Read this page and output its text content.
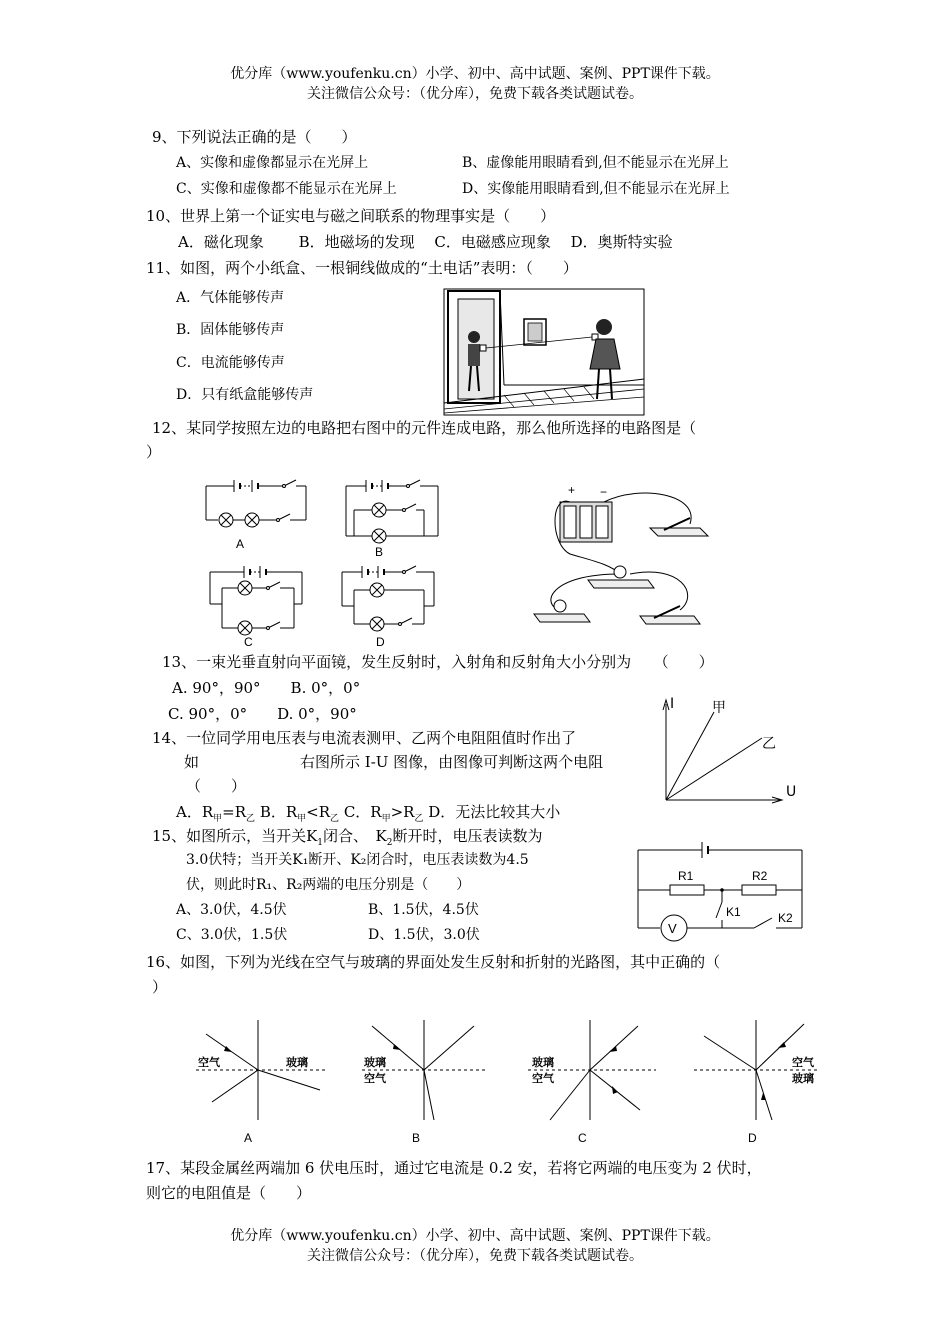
优分库（www.youfenku.cn）小学、初中、高中试题、案例、PPT课件下载。
关注微信公众号：（优分库），免费下载各类试题试卷。
9、下列说法正确的是（　　）
A、实像和虚像都显示在光屏上	B、虚像能用眼睛看到,但不能显示在光屏上
C、实像和虚像都不能显示在光屏上	D、实像能用眼睛看到,但不能显示在光屏上
10、世界上第一个证实电与磁之间联系的物理事实是（　　）
A．磁化现象　　 B．地磁场的发现　 C．电磁感应现象　 D．奥斯特实验
11、如图，两个小纸盒、一根铜线做成的“土电话”表明：（　　）
A．气体能够传声
B．固体能够传声
C．电流能够传声
D．只有纸盒能够传声
12、某同学按照左边的电路把右图中的元件连成电路，那么他所选择的电路图是（
）
A
B
C	D
+ −
13、一束光垂直射向平面镜，发生反射时，入射角和反射角大小分别为　　（　　）
A. 90°，90°　　B. 0°，0°
C. 90°，0°　　D. 0°，90°
14、一位同学用电压表与电流表测甲、乙两个电阻阻值时作出了
如	右图所示 I-U 图像，由图像可判断这两个电阻
（　　）
A．$R_甲=R_乙$ B．$R_甲<R_乙$ C．$R_甲>R_乙$ D．无法比较其大小
I	甲
乙
U
15、如图所示，当开关$K_1$闭合、　$K_2$断开时，电压表读数为
3.0伏特；当开关K₁断开、K₂闭合时，电压表读数为4.5
伏，则此时R₁、R₂两端的电压分别是（　　）
A、3.0伏，4.5伏	B、1.5伏，4.5伏
C、3.0伏，1.5伏	D、1.5伏，3.0伏
R1	R2
K1
V
K2
16、如图，下列为光线在空气与玻璃的界面处发生反射和折射的光路图，其中正确的（
）
空气	玻璃
A
玻璃
空气
B
玻璃
空气
C
空气
玻璃
D
17、某段金属丝两端加 6 伏电压时，通过它电流是 0.2 安，若将它两端的电压变为 2 伏时，
则它的电阻值是（　　）
优分库（www.youfenku.cn）小学、初中、高中试题、案例、PPT课件下载。
关注微信公众号：（优分库），免费下载各类试题试卷。
